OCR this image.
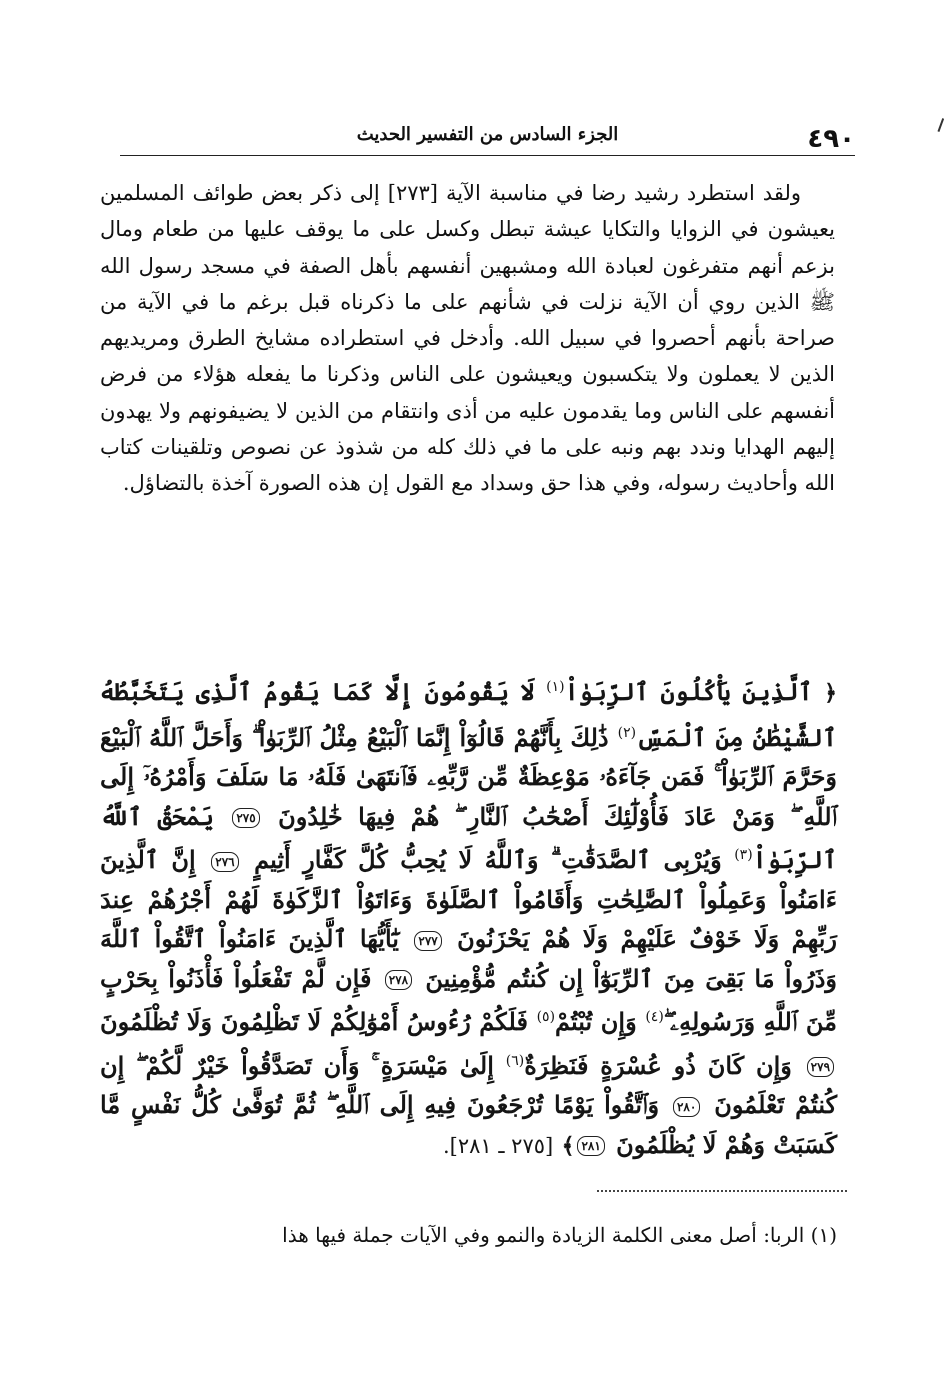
٤٩٠
الجزء السادس من التفسير الحديث

ولقد استطرد رشيد رضا في مناسبة الآية [٢٧٣] إلى ذكر بعض طوائف المسلمين يعيشون في الزوايا والتكايا عيشة تبطل وكسل على ما يوقف عليها من طعام ومال بزعم أنهم متفرغون لعبادة الله ومشبهين أنفسهم بأهل الصفة في مسجد رسول الله ﷺ الذين روي أن الآية نزلت في شأنهم على ما ذكرناه قبل برغم ما في الآية من صراحة بأنهم أحصروا في سبيل الله. وأدخل في استطراده مشايخ الطرق ومريديهم الذين لا يعملون ولا يتكسبون ويعيشون على الناس وذكرنا ما يفعله هؤلاء من فرض أنفسهم على الناس وما يقدمون عليه من أذى وانتقام من الذين لا يضيفونهم ولا يهدون إليهم الهدايا وندد بهم ونبه على ما في ذلك كله من شذوذ عن نصوص وتلقينات كتاب الله وأحاديث رسوله، وفي هذا حق وسداد مع القول إن هذه الصورة آخذة بالتضاؤل.

﴿ ٱلَّذِينَ يَأْكُلُونَ ٱلرِّبَوٰاْ$^{(١)}$ لَا يَقُومُونَ إِلَّا كَمَا يَقُومُ ٱلَّذِى يَتَخَبَّطُهُ ٱلشَّيْطَٰنُ مِنَ ٱلْمَسِّ$^{(٢)}$ ذَٰلِكَ بِأَنَّهُمْ قَالُوٓاْ إِنَّمَا ٱلْبَيْعُ مِثْلُ ٱلرِّبَوٰاْ ۗ وَأَحَلَّ ٱللَّهُ ٱلْبَيْعَ وَحَرَّمَ ٱلرِّبَوٰاْ ۚ فَمَن جَآءَهُۥ مَوْعِظَةٌ مِّن رَّبِّهِۦ فَٱنتَهَىٰ فَلَهُۥ مَا سَلَفَ وَأَمْرُهُۥٓ إِلَى ٱللَّهِ ۖ وَمَنْ عَادَ فَأُوْلَٰٓئِكَ أَصْحَٰبُ ٱلنَّارِ ۖ هُمْ فِيهَا خَٰلِدُونَ ٢٧٥ يَمْحَقُ ٱللَّهُ ٱلرِّبَوٰاْ$^{(٣)}$ وَيُرْبِى ٱلصَّدَقَٰتِ ۗ وَٱللَّهُ لَا يُحِبُّ كُلَّ كَفَّارٍ أَثِيمٍ ٢٧٦ إِنَّ ٱلَّذِينَ ءَامَنُواْ وَعَمِلُواْ ٱلصَّٰلِحَٰتِ وَأَقَامُواْ ٱلصَّلَوٰةَ وَءَاتَوُاْ ٱلزَّكَوٰةَ لَهُمْ أَجْرُهُمْ عِندَ رَبِّهِمْ وَلَا خَوْفٌ عَلَيْهِمْ وَلَا هُمْ يَحْزَنُونَ ٢٧٧ يَٰٓأَيُّهَا ٱلَّذِينَ ءَامَنُواْ ٱتَّقُواْ ٱللَّهَ وَذَرُواْ مَا بَقِىَ مِنَ ٱلرِّبَوٰٓاْ إِن كُنتُم مُّؤْمِنِينَ ٢٧٨ فَإِن لَّمْ تَفْعَلُواْ فَأْذَنُواْ بِحَرْبٍ مِّنَ ٱللَّهِ وَرَسُولِهِۦ ۖ$^{(٤)}$ وَإِن تُبْتُمْ$^{(٥)}$ فَلَكُمْ رُءُوسُ أَمْوَٰلِكُمْ لَا تَظْلِمُونَ وَلَا تُظْلَمُونَ ٢٧٩ وَإِن كَانَ ذُو عُسْرَةٍ فَنَظِرَةٌ$^{(٦)}$ إِلَىٰ مَيْسَرَةٍ ۚ وَأَن تَصَدَّقُواْ خَيْرٌ لَّكُمْ ۖ إِن كُنتُمْ تَعْلَمُونَ ٢٨٠ وَٱتَّقُواْ يَوْمًا تُرْجَعُونَ فِيهِ إِلَى ٱللَّهِ ۖ ثُمَّ تُوَفَّىٰ كُلُّ نَفْسٍ مَّا كَسَبَتْ وَهُمْ لَا يُظْلَمُونَ ٢٨١﴾ [٢٧٥ ـ ٢٨١].
(١) الربا: أصل معنى الكلمة الزيادة والنمو وفي الآيات جملة فيها هذا
